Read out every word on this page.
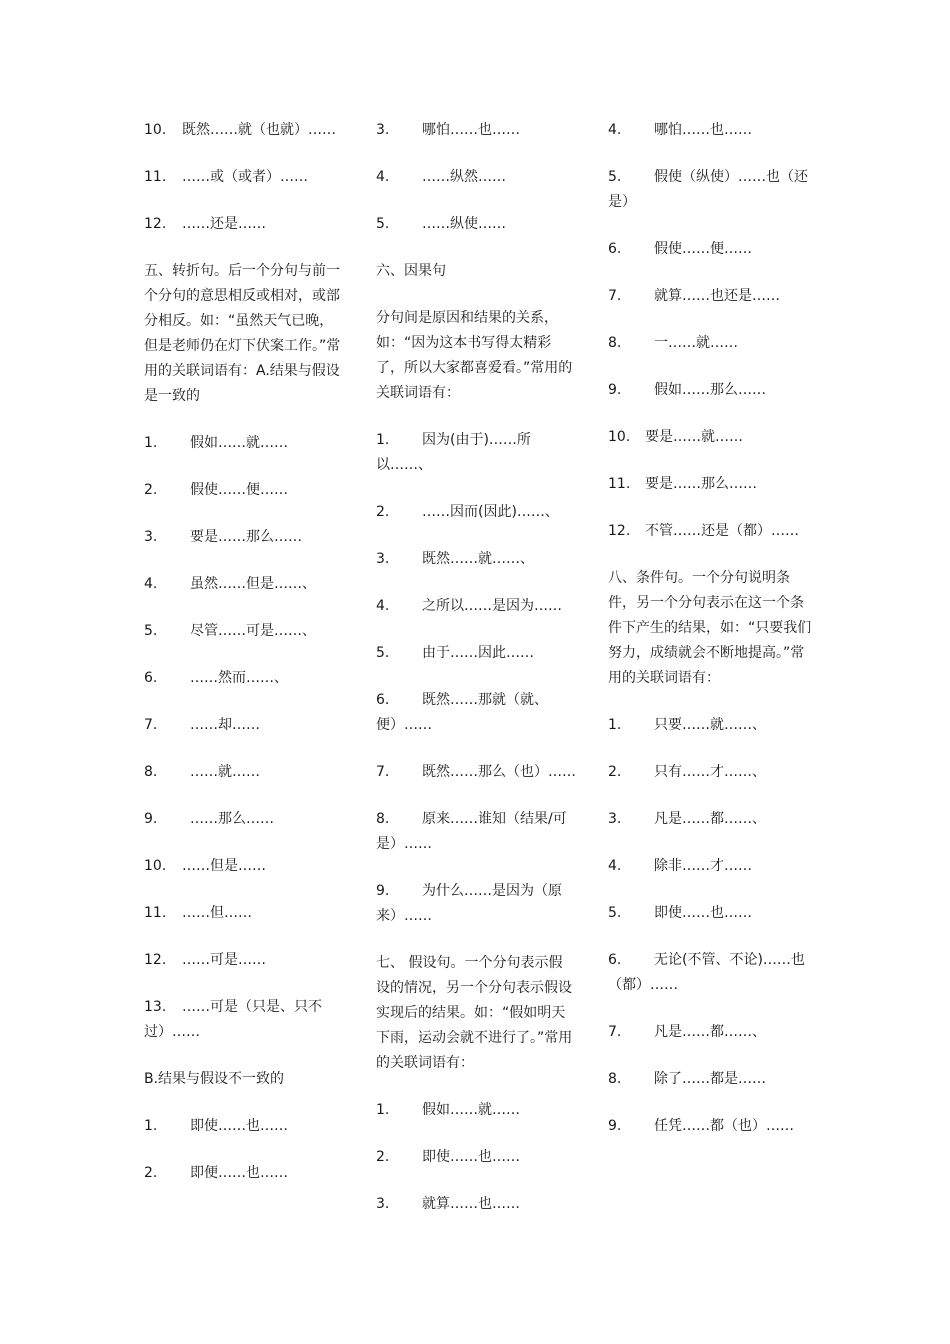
10. 既然……就（也就）……
11. ……或（或者）……
12. ……还是……
五、转折句。后一个分句与前一个分句的意思相反或相对，或部分相反。如：“虽然天气已晚，但是老师仍在灯下伏案工作。”常用的关联词语有：A.结果与假设是一致的
1. 假如……就……
2. 假使……便……
3. 要是……那么……
4. 虽然……但是……、
5. 尽管……可是……、
6. ……然而……、
7. ……却……
8. ……就……
9. ……那么……
10. ……但是……
11. ……但……
12. ……可是……
13. ……可是（只是、只不过）……
B.结果与假设不一致的
1. 即使……也……
2. 即便……也……
3. 哪怕……也……
4. ……纵然……
5. ……纵使……
六、因果句
分句间是原因和结果的关系，如：“因为这本书写得太精彩了，所以大家都喜爱看。”常用的关联词语有：
1. 因为(由于)……所以……、
2. ……因而(因此)……、
3. 既然……就……、
4. 之所以……是因为……
5. 由于……因此……
6. 既然……那就（就、便）……
7. 既然……那么（也）……
8. 原来……谁知（结果/可是）……
9. 为什么……是因为（原来）……
七、 假设句。一个分句表示假设的情况，另一个分句表示假设实现后的结果。如：“假如明天下雨，运动会就不进行了。”常用的关联词语有：
1. 假如……就……
2. 即使……也……
3. 就算……也……
4. 哪怕……也……
5. 假使（纵使）……也（还是）
6. 假使……便……
7. 就算……也还是……
8. 一……就……
9. 假如……那么……
10. 要是……就……
11. 要是……那么……
12. 不管……还是（都）……
八、条件句。一个分句说明条件，另一个分句表示在这一个条件下产生的结果，如：“只要我们努力，成绩就会不断地提高。”常用的关联词语有：
1. 只要……就……、
2. 只有……才……、
3. 凡是……都……、
4. 除非……才……
5. 即使……也……
6. 无论(不管、不论)……也（都）……
7. 凡是……都……、
8. 除了……都是……
9. 任凭……都（也）……
